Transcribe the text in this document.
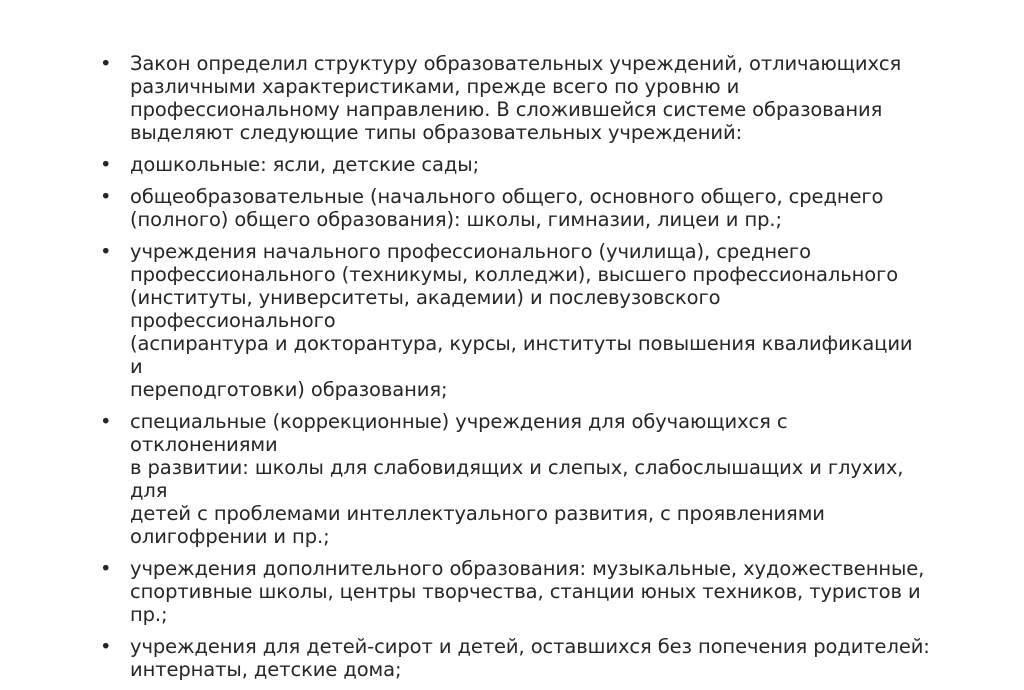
• Закон определил структуру образовательных учреждений, отличающихся
различными характеристиками, прежде всего по уровню и
профессиональному направлению. В сложившейся системе образования
выделяют следующие типы образовательных учреждений:
• дошкольные: ясли, детские сады;
• общеобразовательные (начального общего, основного общего, среднего
(полного) общего образования): школы, гимназии, лицеи и пр.;
• учреждения начального профессионального (училища), среднего
профессионального (техникумы, колледжи), высшего профессионального
(институты, университеты, академии) и послевузовского профессионального
(аспирантура и докторантура, курсы, институты повышения квалификации и
переподготовки) образования;
• специальные (коррекционные) учреждения для обучающихся с отклонениями
в развитии: школы для слабовидящих и слепых, слабослышащих и глухих, для
детей с проблемами интеллектуального развития, с проявлениями
олигофрении и пр.;
• учреждения дополнительного образования: музыкальные, художественные,
спортивные школы, центры творчества, станции юных техников, туристов и
пр.;
• учреждения для детей-сирот и детей, оставшихся без попечения родителей:
интернаты, детские дома;
